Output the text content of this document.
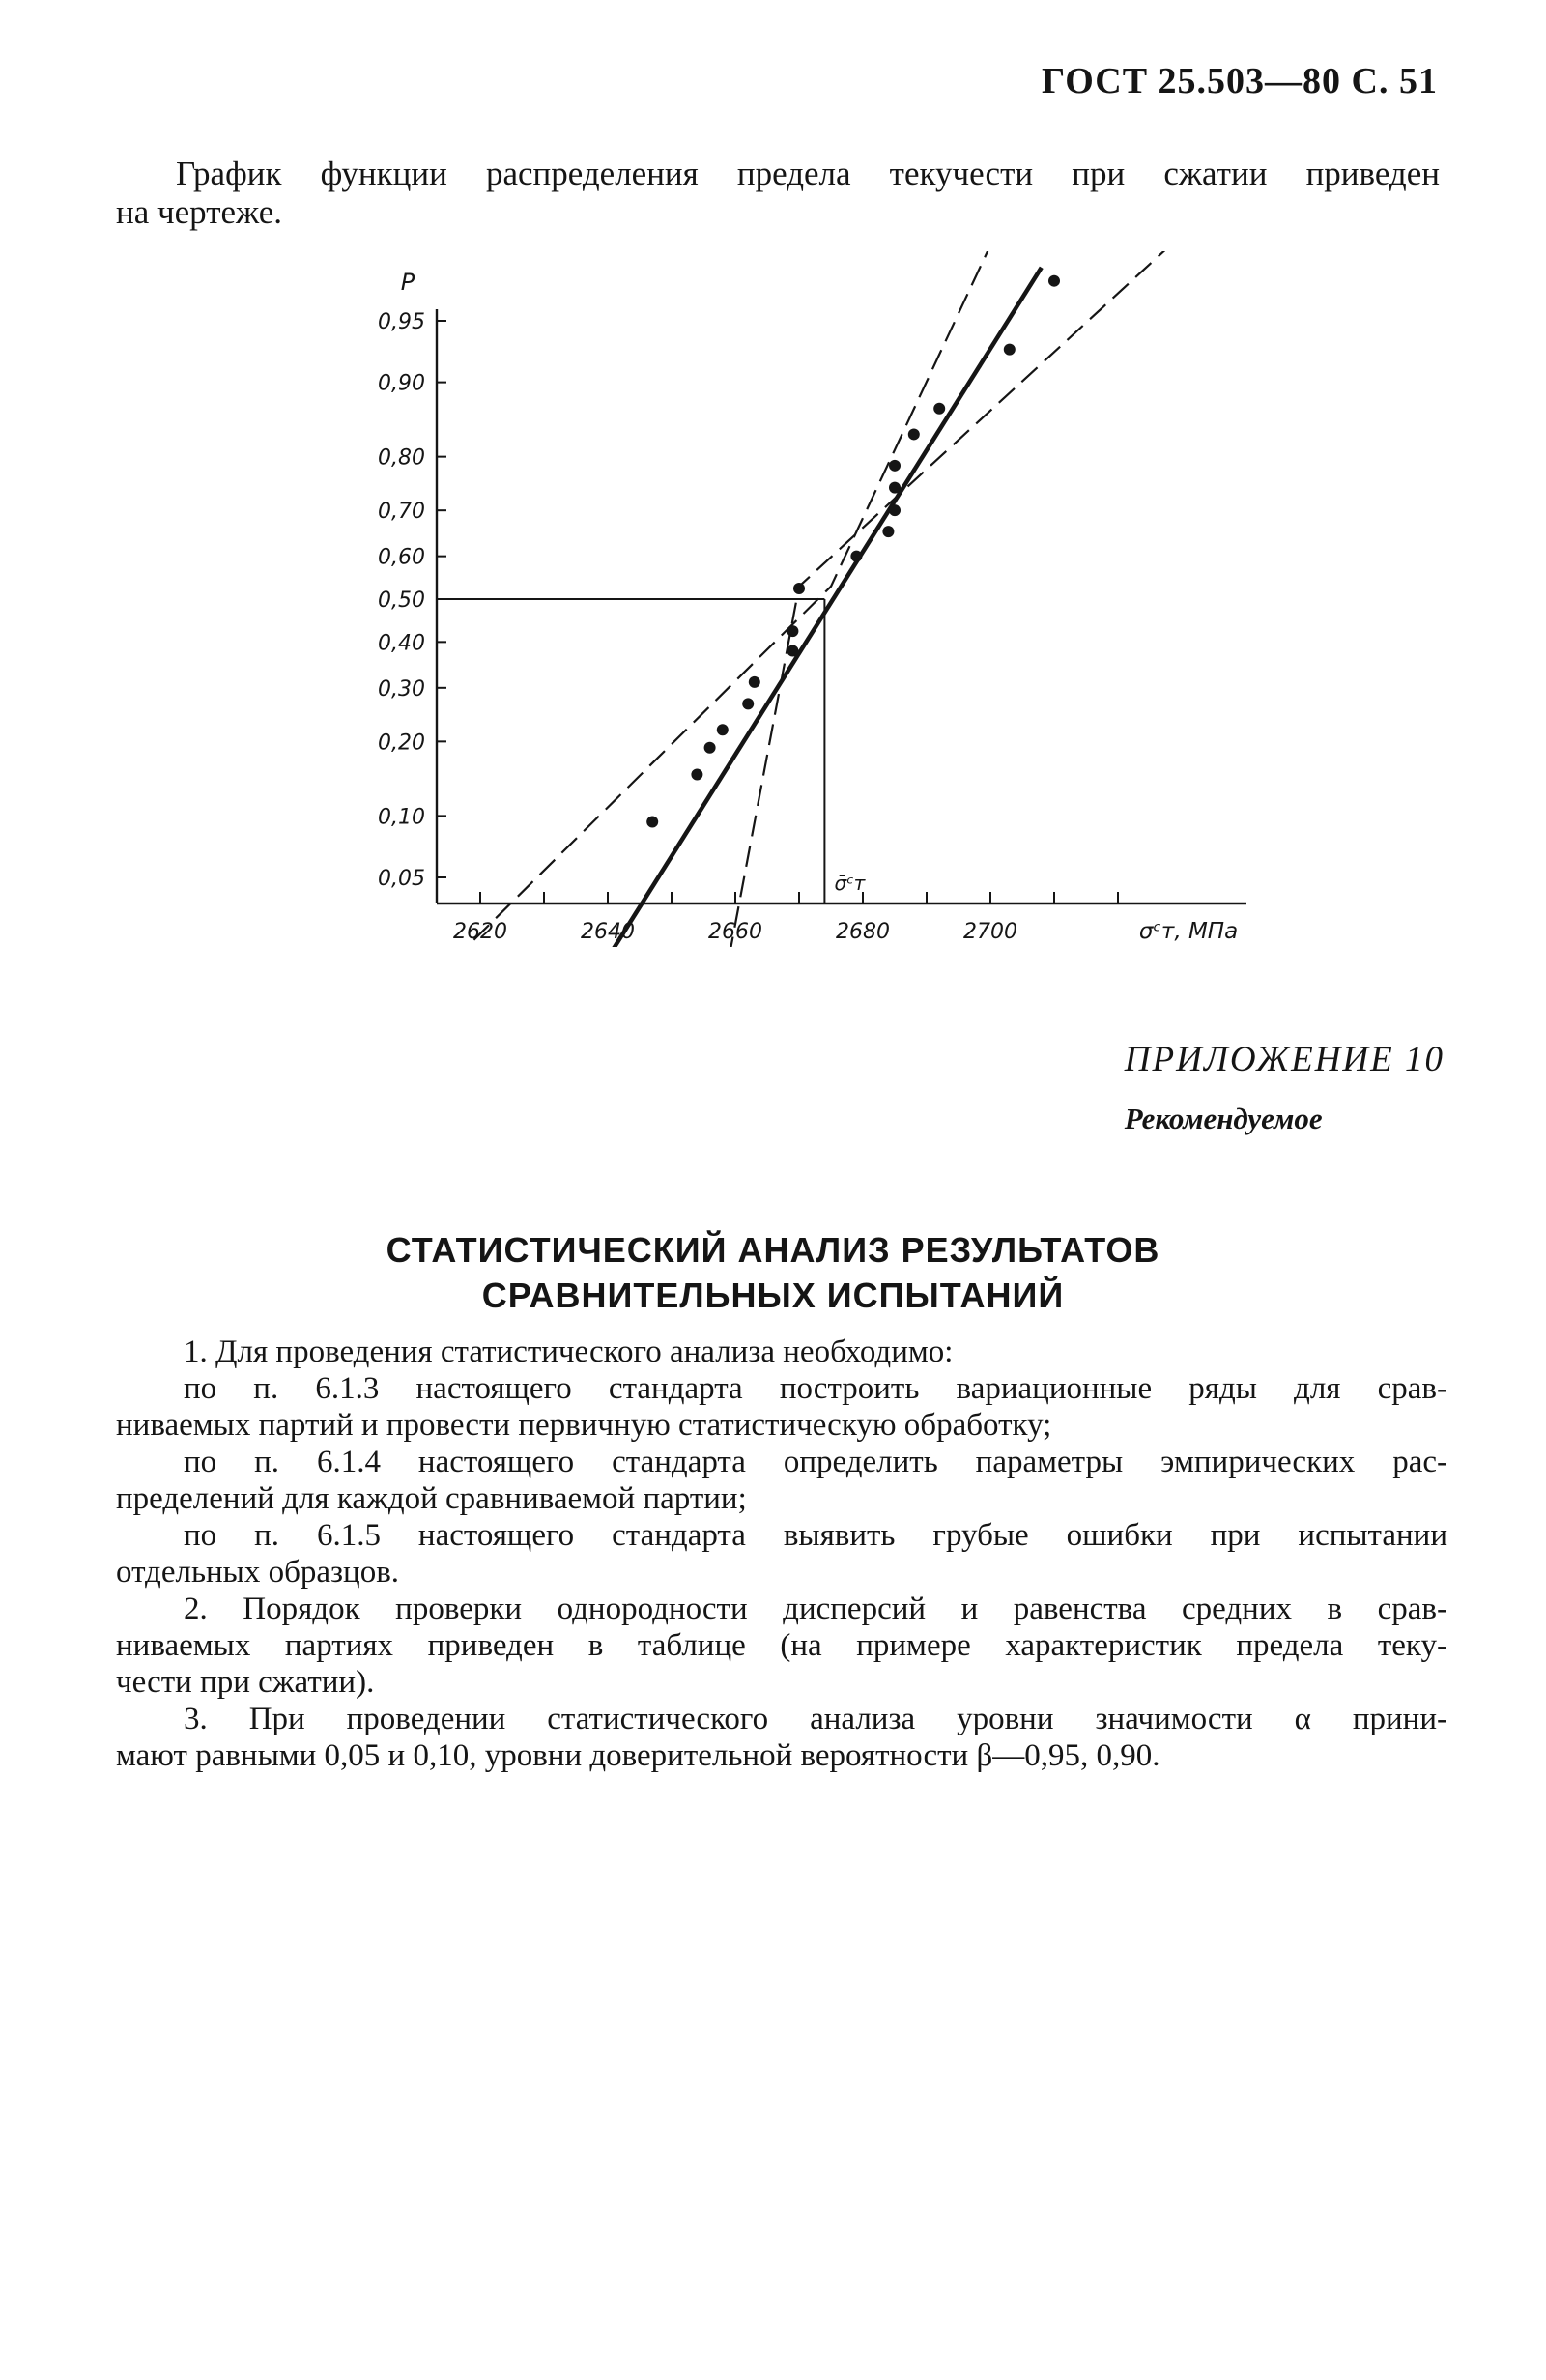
ГОСТ 25.503—80 С. 51
График функции распределения предела текучести при сжатии приведен
на чертеже.
P
0,05
0,10
0,20
0,30
0,40
0,50
0,60
0,70
0,80
0,90
0,95
2620	2640	2660	2680	2700	σᶜт, МПа
σ̄ᶜт
ПРИЛОЖЕНИЕ 10
Рекомендуемое
СТАТИСТИЧЕСКИЙ АНАЛИЗ РЕЗУЛЬТАТОВ
СРАВНИТЕЛЬНЫХ ИСПЫТАНИЙ
1. Для проведения статистического анализа необходимо:
по п. 6.1.3 настоящего стандарта построить вариационные ряды для срав-
ниваемых партий и провести первичную статистическую обработку;
по п. 6.1.4 настоящего стандарта определить параметры эмпирических рас-
пределений для каждой сравниваемой партии;
по п. 6.1.5 настоящего стандарта выявить грубые ошибки при испытании
отдельных образцов.
2. Порядок проверки однородности дисперсий и равенства средних в срав-
ниваемых партиях приведен в таблице (на примере характеристик предела теку-
чести при сжатии).
3. При проведении статистического анализа уровни значимости α прини-
мают равными 0,05 и 0,10, уровни доверительной вероятности β—0,95, 0,90.
